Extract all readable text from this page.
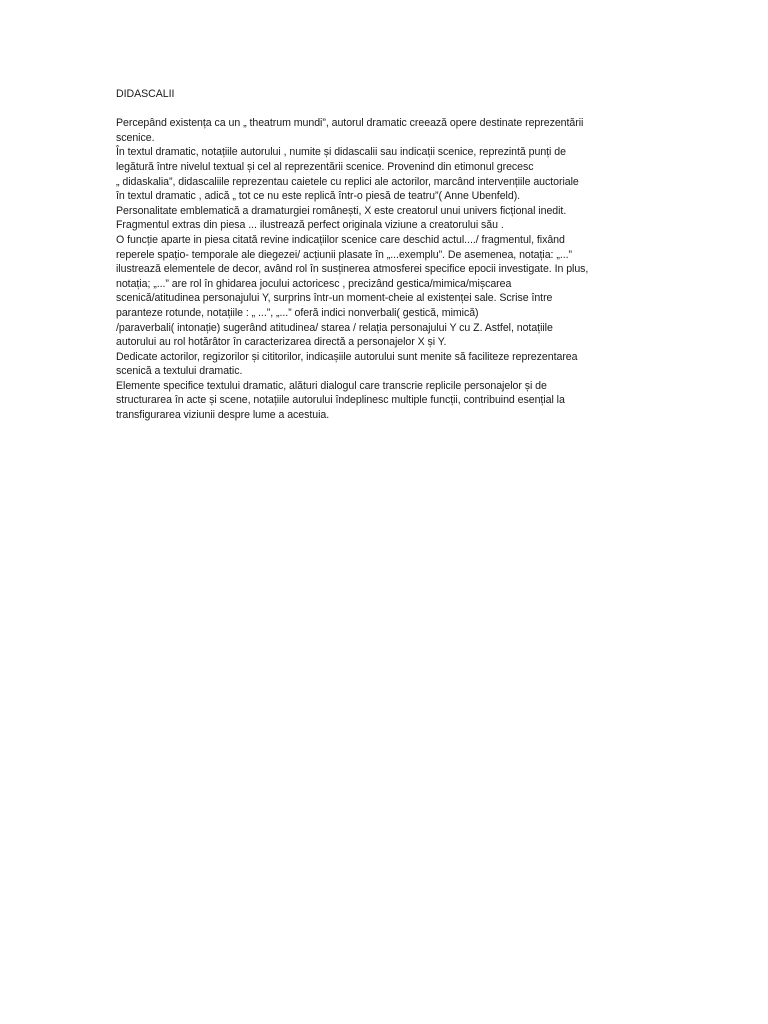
DIDASCALII
Percepând existența ca un „ theatrum mundi”, autorul dramatic creează opere destinate reprezentării
scenice.
În textul dramatic, notațiile autorului , numite și didascalii sau indicații scenice, reprezintă punți de
legătură între nivelul textual și cel al reprezentării scenice. Provenind din etimonul grecesc
„ didaskalia”, didascaliile reprezentau caietele cu replici ale actorilor, marcând intervențiile auctoriale
în textul dramatic , adică „ tot ce nu este replică într-o piesă de teatru”( Anne Ubenfeld).
Personalitate emblematică a dramaturgiei românești, X este creatorul unui univers ficțional inedit.
Fragmentul extras din piesa ... ilustrează perfect originala viziune a creatorului său .
O funcție aparte in piesa citată revine indicațiilor scenice care deschid actul..../ fragmentul, fixând
reperele spațio- temporale ale diegezei/ acțiunii plasate în „...exemplu”. De asemenea, notația: „...”
ilustrează elementele de decor, având rol în susținerea atmosferei specifice epocii investigate. In plus,
notația; „...” are rol în ghidarea jocului actoricesc , precizând gestica/mimica/mișcarea
scenică/atitudinea personajului Y, surprins într-un moment-cheie al existenței sale. Scrise între
paranteze rotunde, notațiile : „ ...”, „...” oferă indici nonverbali( gestică, mimică)
/paraverbali( intonație) sugerând atitudinea/ starea / relația personajului Y cu Z. Astfel, notațiile
autorului au rol hotărâtor în caracterizarea directă a personajelor X și Y.
Dedicate actorilor, regizorilor și cititorilor, indicașiile autorului sunt menite să faciliteze reprezentarea
scenică a textului dramatic.
Elemente specifice textului dramatic, alături dialogul care transcrie replicile personajelor și de
structurarea în acte și scene, notațiile autorului îndeplinesc multiple funcții, contribuind esențial la
transfigurarea viziunii despre lume a acestuia.
